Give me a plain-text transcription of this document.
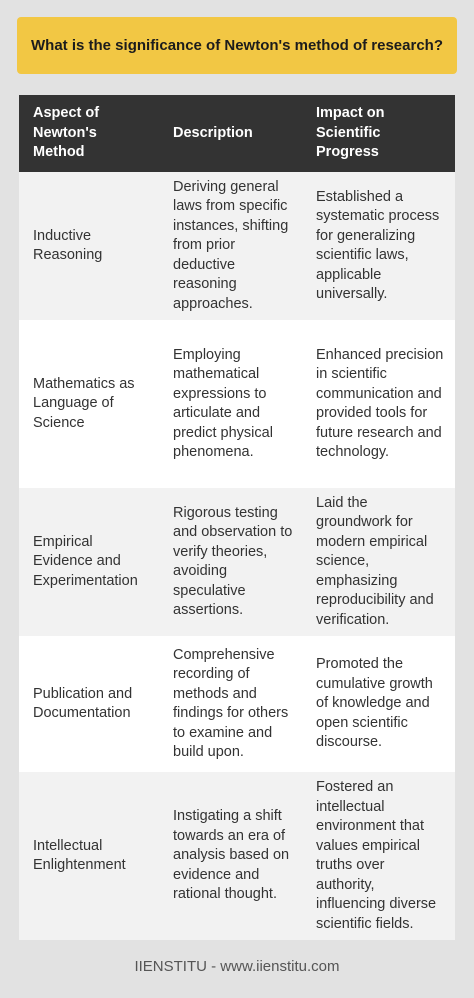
What is the significance of Newton's method of research?
Aspect of Newton's Method
Description
Impact on Scientific Progress
Inductive Reasoning
Deriving general laws from specific instances, shifting from prior deductive reasoning approaches.
Established a systematic process for generalizing scientific laws, applicable universally.
Mathematics as Language of Science
Employing mathematical expressions to articulate and predict physical phenomena.
Enhanced precision in scientific communication and provided tools for future research and technology.
Empirical Evidence and Experimentation
Rigorous testing and observation to verify theories, avoiding speculative assertions.
Laid the groundwork for modern empirical science, emphasizing reproducibility and verification.
Publication and Documentation
Comprehensive recording of methods and findings for others to examine and build upon.
Promoted the cumulative growth of knowledge and open scientific discourse.
Intellectual Enlightenment
Instigating a shift towards an era of analysis based on evidence and rational thought.
Fostered an intellectual environment that values empirical truths over authority, influencing diverse scientific fields.
IIENSTITU - www.iienstitu.com
